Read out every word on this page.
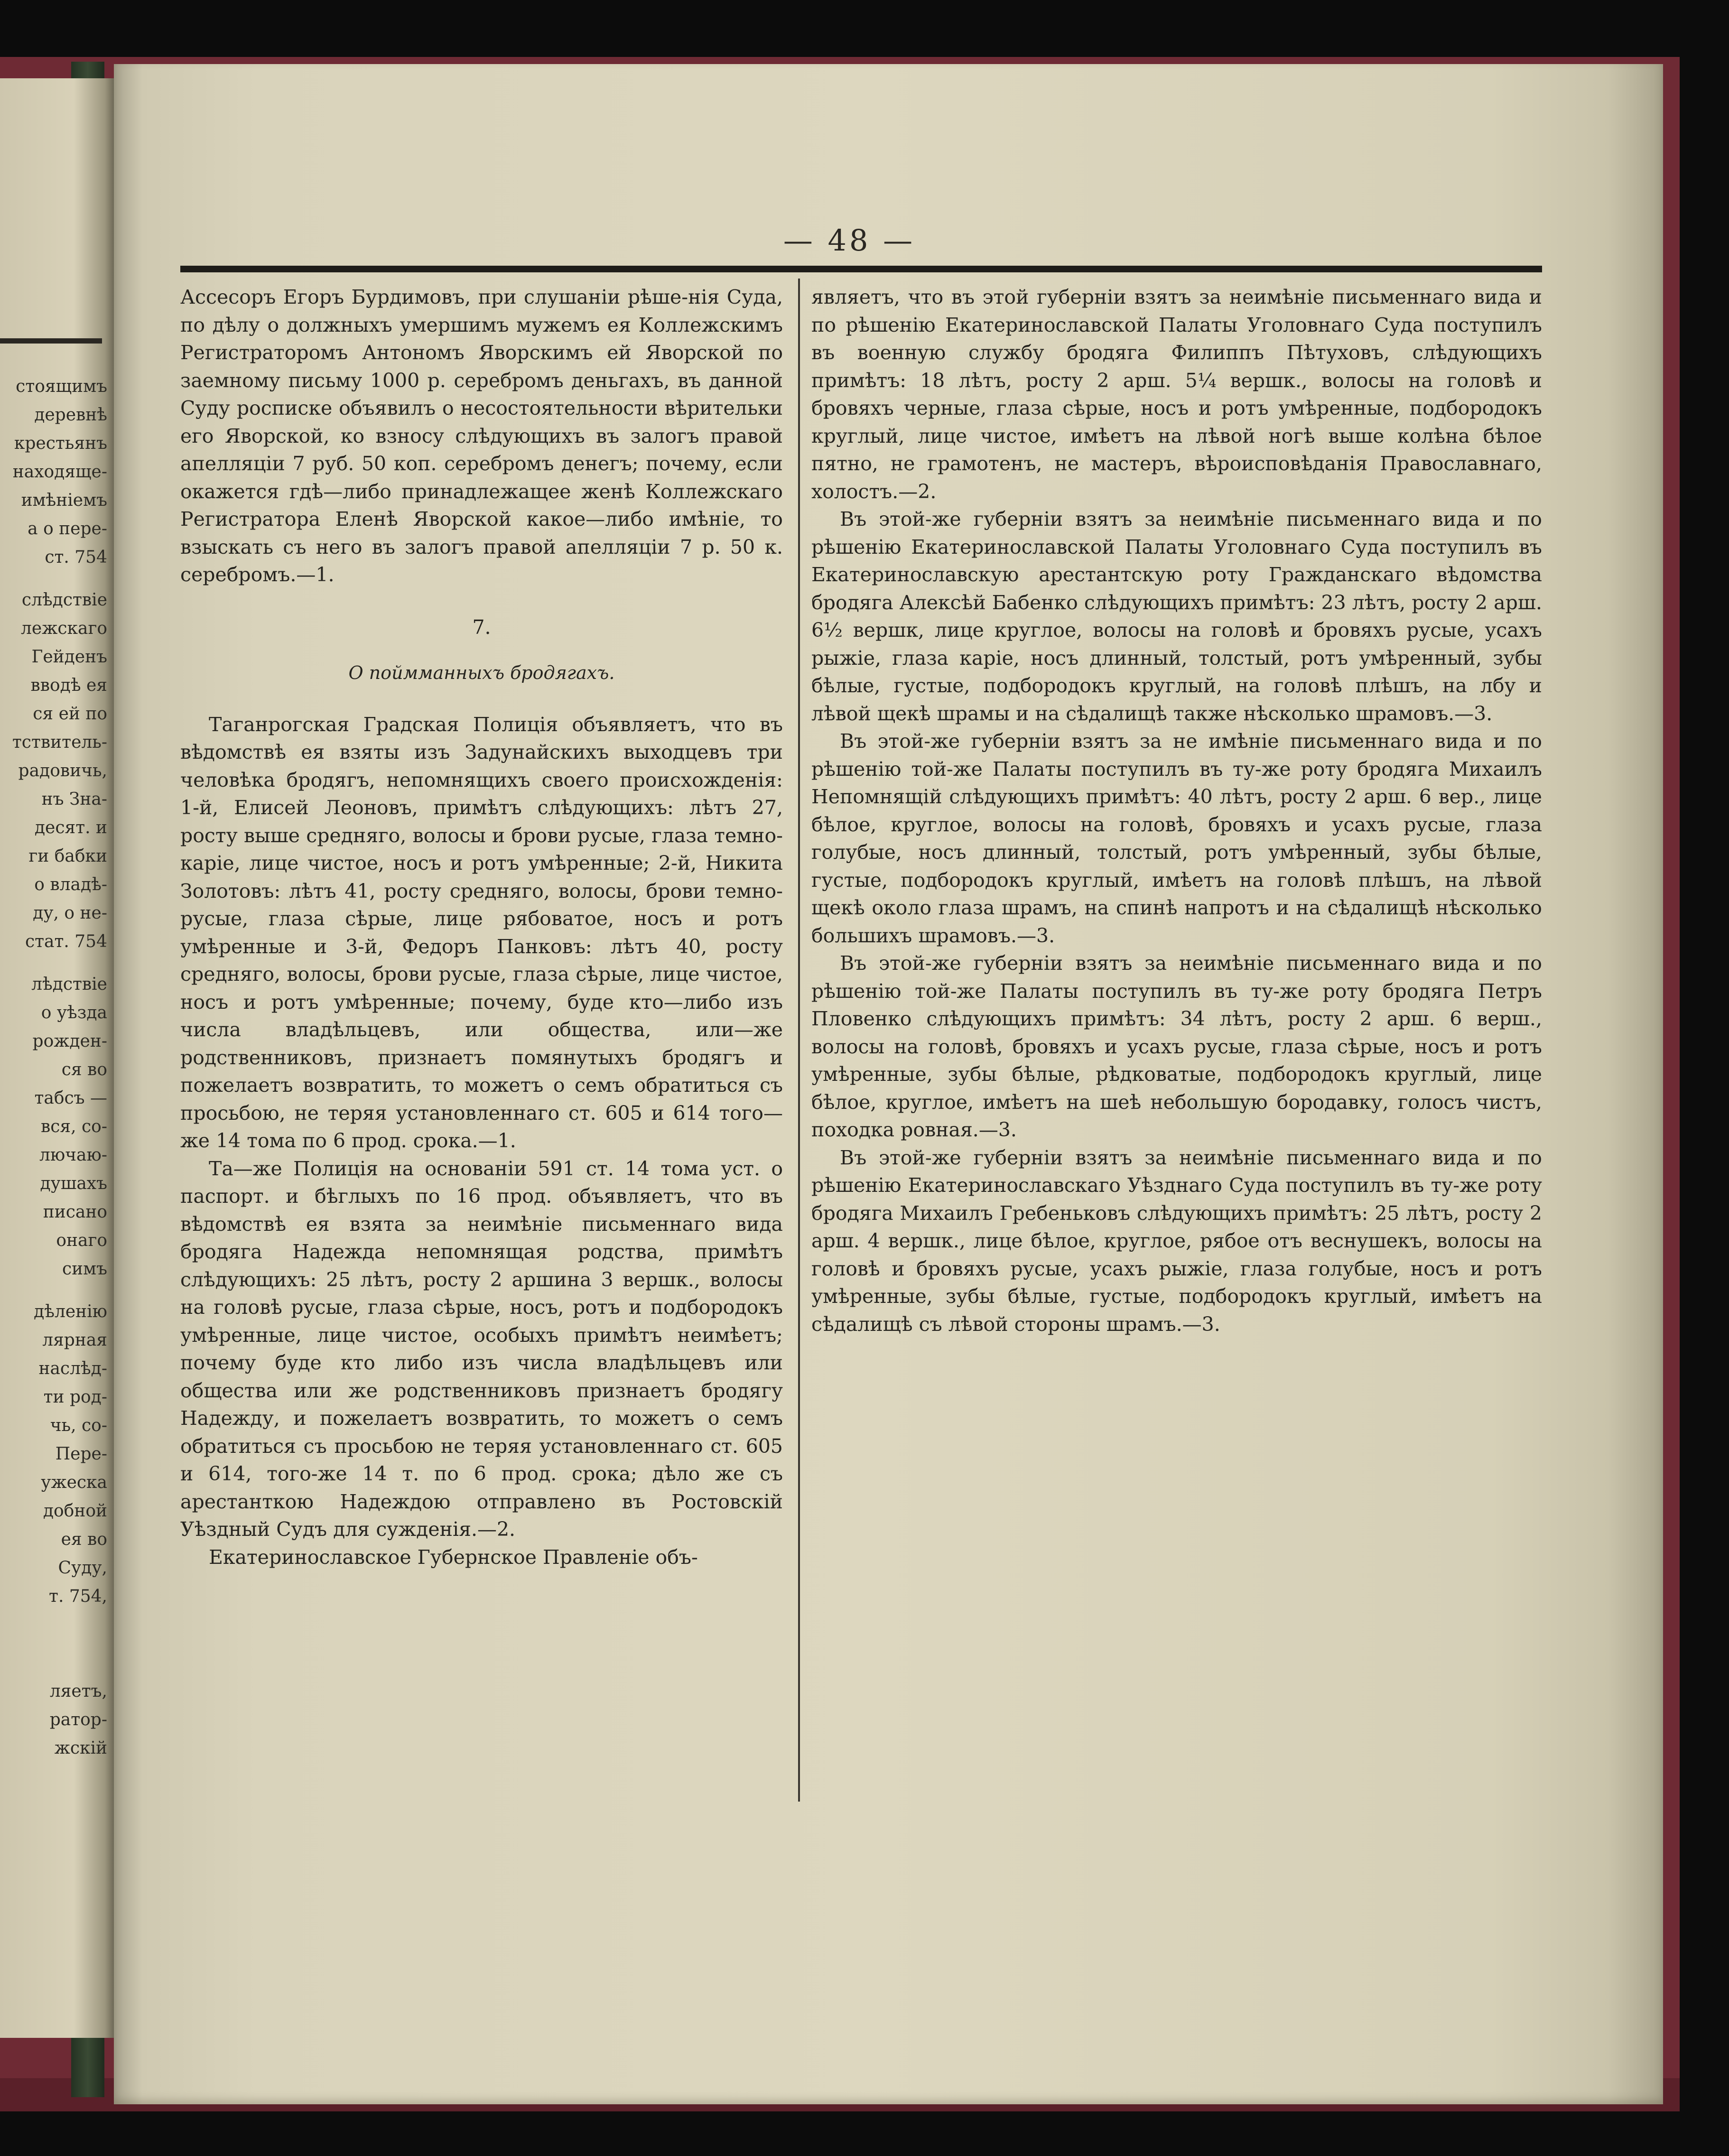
стоящимъ
деревнѣ
крестьянъ
находяще-
имѣніемъ
а о пере-
ст. 754
слѣдствіе
лежскаго
Гейденъ
вводѣ ея
ся ей по
тствитель-
радовичь,
нъ Зна-
десят. и
ги бабки
о владѣ-
ду, о не-
стат. 754
лѣдствіе
о уѣзда
рожден-
ся во
табсъ —
вся, со-
лючаю-
душахъ
писано
онаго
симъ
дѣленію
лярная
наслѣд-
ти род-
чь, со-
Пере-
ужеска
добной
ея во
Суду,
т. 754,
ляетъ,
ратор-
жскій
— 48 —

Ассесоръ Егоръ Бурдимовъ, при слушаніи рѣше-нія Суда, по дѣлу о должныхъ умершимъ мужемъ ея Коллежскимъ Регистраторомъ Антономъ Яворскимъ ей Яворской по заемному письму 1000 р. серебромъ деньгахъ, въ данной Суду росписке объявилъ о несостоятельности вѣрительки его Яворской, ко взносу слѣдующихъ въ залогъ правой апелляціи 7 руб. 50 коп. серебромъ денегъ; почему, если окажется гдѣ—либо принадлежащее женѣ Коллежскаго Регистратора Еленѣ Яворской какое—либо имѣніе, то взыскать съ него въ залогъ правой апелляціи 7 р. 50 к. серебромъ.—1.

7.
О поймманныхъ бродягахъ.

Таганрогская Градская Полиція объявляетъ, что въ вѣдомствѣ ея взяты изъ Задунайскихъ выходцевъ три человѣка бродягъ, непомнящихъ своего происхожденія: 1-й, Елисей Леоновъ, примѣтъ слѣдующихъ: лѣтъ 27, росту выше средняго, волосы и брови русые, глаза темно-каріе, лице чистое, носъ и ротъ умѣренные; 2-й, Никита Золотовъ: лѣтъ 41, росту средняго, волосы, брови темно-русые, глаза сѣрые, лице рябоватое, носъ и ротъ умѣренные и 3-й, Федоръ Панковъ: лѣтъ 40, росту средняго, волосы, брови русые, глаза сѣрые, лице чистое, носъ и ротъ умѣренные; почему, буде кто—либо изъ числа владѣльцевъ, или общества, или—же родственниковъ, признаетъ помянутыхъ бродягъ и пожелаетъ возвратить, то можетъ о семъ обратиться съ просьбою, не теряя установленнаго ст. 605 и 614 того—же 14 тома по 6 прод. срока.—1.

Та—же Полиція на основаніи 591 ст. 14 тома уст. о паспорт. и бѣглыхъ по 16 прод. объявляетъ, что въ вѣдомствѣ ея взята за неимѣніе письменнаго вида бродяга Надежда непомнящая родства, примѣтъ слѣдующихъ: 25 лѣтъ, росту 2 аршина 3 вершк., волосы на головѣ русые, глаза сѣрые, носъ, ротъ и подбородокъ умѣренные, лице чистое, особыхъ примѣтъ неимѣетъ; почему буде кто либо изъ числа владѣльцевъ или общества или же родственниковъ признаетъ бродягу Надежду, и пожелаетъ возвратить, то можетъ о семъ обратиться съ просьбою не теряя установленнаго ст. 605 и 614, того-же 14 т. по 6 прод. срока; дѣло же съ арестанткою Надеждою отправлено въ Ростовскій Уѣздный Судъ для сужденія.—2.

Екатеринославское Губернское Правленіе объ-

являетъ, что въ этой губерніи взятъ за неимѣніе письменнаго вида и по рѣшенію Екатеринославской Палаты Уголовнаго Суда поступилъ въ военную службу бродяга Филиппъ Пѣтуховъ, слѣдующихъ примѣтъ: 18 лѣтъ, росту 2 арш. 5¼ вершк., волосы на головѣ и бровяхъ черные, глаза сѣрые, носъ и ротъ умѣренные, подбородокъ круглый, лице чистое, имѣетъ на лѣвой ногѣ выше колѣна бѣлое пятно, не грамотенъ, не мастеръ, вѣроисповѣданія Православнаго, холостъ.—2.

Въ этой-же губерніи взятъ за неимѣніе письменнаго вида и по рѣшенію Екатеринославской Палаты Уголовнаго Суда поступилъ въ Екатеринославскую арестантскую роту Гражданскаго вѣдомства бродяга Алексѣй Бабенко слѣдующихъ примѣтъ: 23 лѣтъ, росту 2 арш. 6½ вершк, лице круглое, волосы на головѣ и бровяхъ русые, усахъ рыжіе, глаза каріе, носъ длинный, толстый, ротъ умѣренный, зубы бѣлые, густые, подбородокъ круглый, на головѣ плѣшъ, на лбу и лѣвой щекѣ шрамы и на сѣдалищѣ также нѣсколько шрамовъ.—3.

Въ этой-же губерніи взятъ за не имѣніе письменнаго вида и по рѣшенію той-же Палаты поступилъ въ ту-же роту бродяга Михаилъ Непомнящій слѣдующихъ примѣтъ: 40 лѣтъ, росту 2 арш. 6 вер., лице бѣлое, круглое, волосы на головѣ, бровяхъ и усахъ русые, глаза голубые, носъ длинный, толстый, ротъ умѣренный, зубы бѣлые, густые, подбородокъ круглый, имѣетъ на головѣ плѣшъ, на лѣвой щекѣ около глаза шрамъ, на спинѣ напротъ и на сѣдалищѣ нѣсколько большихъ шрамовъ.—3.

Въ этой-же губерніи взятъ за неимѣніе письменнаго вида и по рѣшенію той-же Палаты поступилъ въ ту-же роту бродяга Петръ Пловенко слѣдующихъ примѣтъ: 34 лѣтъ, росту 2 арш. 6 верш., волосы на головѣ, бровяхъ и усахъ русые, глаза сѣрые, носъ и ротъ умѣренные, зубы бѣлые, рѣдковатые, подбородокъ круглый, лице бѣлое, круглое, имѣетъ на шеѣ небольшую бородавку, голосъ чистъ, походка ровная.—3.

Въ этой-же губерніи взятъ за неимѣніе письменнаго вида и по рѣшенію Екатеринославскаго Уѣзднаго Суда поступилъ въ ту-же роту бродяга Михаилъ Гребеньковъ слѣдующихъ примѣтъ: 25 лѣтъ, росту 2 арш. 4 вершк., лице бѣлое, круглое, рябое отъ веснушекъ, волосы на головѣ и бровяхъ русые, усахъ рыжіе, глаза голубые, носъ и ротъ умѣренные, зубы бѣлые, густые, подбородокъ круглый, имѣетъ на сѣдалищѣ съ лѣвой стороны шрамъ.—3.
